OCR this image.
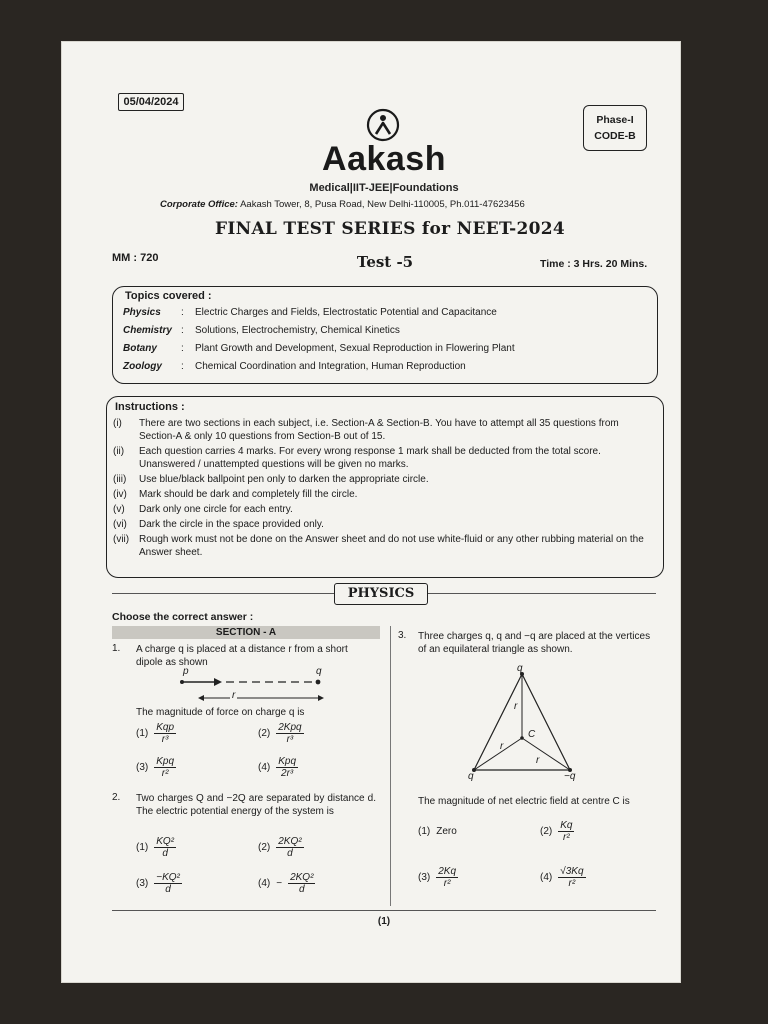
05/04/2024
Phase-I
CODE-B
Aakash
Medical|IIT-JEE|Foundations
Corporate Office: Aakash Tower, 8, Pusa Road, New Delhi-110005, Ph.011-47623456
FINAL TEST SERIES for NEET-2024
MM : 720	Test -5	Time : 3 Hrs. 20 Mins.
Topics covered :
Physics	:	Electric Charges and Fields, Electrostatic Potential and Capacitance
Chemistry :	Solutions, Electrochemistry, Chemical Kinetics
Botany	:	Plant Growth and Development, Sexual Reproduction in Flowering Plant
Zoology	:	Chemical Coordination and Integration, Human Reproduction
Instructions :
(i)	There are two sections in each subject, i.e. Section-A & Section-B. You have to attempt all 35 questions from Section-A & only 10 questions from Section-B out of 15.
(ii)	Each question carries 4 marks. For every wrong response 1 mark shall be deducted from the total score. Unanswered / unattempted questions will be given no marks.
(iii)	Use blue/black ballpoint pen only to darken the appropriate circle.
(iv)	Mark should be dark and completely fill the circle.
(v)	Dark only one circle for each entry.
(vi)	Dark the circle in the space provided only.
(vii) Rough work must not be done on the Answer sheet and do not use white-fluid or any other rubbing material on the Answer sheet.
PHYSICS
Choose the correct answer :
SECTION - A
1. A charge q is placed at a distance r from a short dipole as shown
p	q
r
The magnitude of force on charge q is
$(1) \frac{\text{Kqp}}{\text{r³}}$	$(2) \frac{\text{2Kpq}}{\text{r³}}$
$(3) \frac{\text{Kpq}}{\text{r²}}$	$(4) \frac{\text{Kpq}}{\text{2r³}}$
2. Two charges Q and −2Q are separated by distance d. The electric potential energy of the system is
$(1) \frac{\text{KQ²}}{d}$	$(2) \frac{\text{2KQ²}}{d}$
$(3) \frac{\text{−KQ²}}{d}$	$(4) - \frac{\text{2KQ²}}{d}$
3. Three charges q, q and −q are placed at the vertices of an equilateral triangle as shown.
q
q	−q
C
r
r
r
The magnitude of net electric field at centre C is
(1) Zero	$(2) \frac{Kq}{\text{r²}}$
$(3) \frac{2Kq}{\text{r²}}$	$(4) \frac{√3Kq}{\text{r²}}$
(1)
